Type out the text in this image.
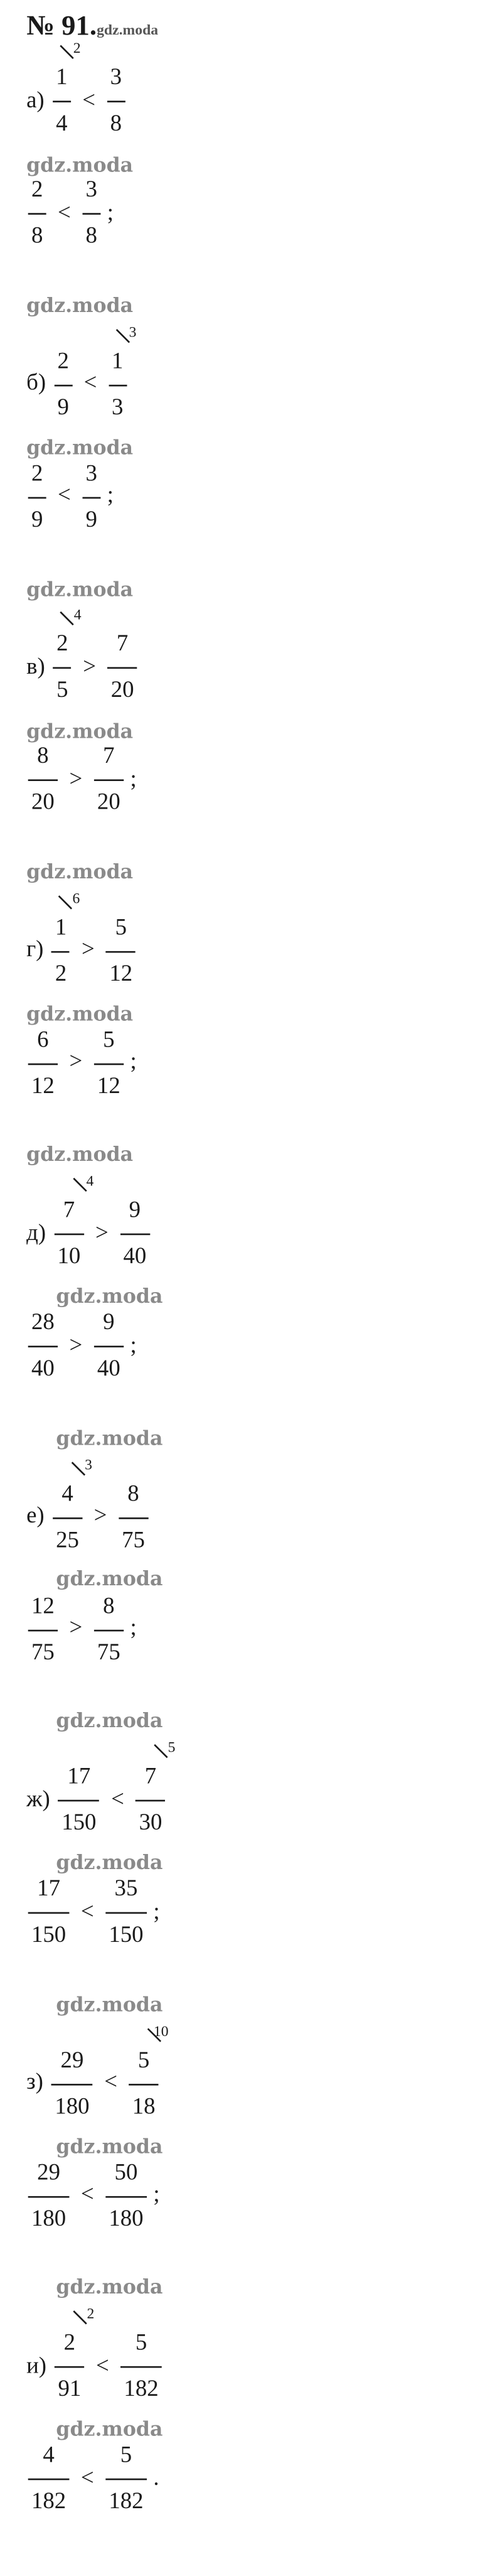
№ 91.gdz.moda
а)
1
4
2
<
3
8
2
8
<
3
8
;
б)
2
9
<
1
3
3
2
9
<
3
9
;
в)
2
5
4
>
7
20
8
20
>
7
20
;
г)
1
2
6
>
5
12
6
12
>
5
12
;
д)
7
10
4
>
9
40
28
40
>
9
40
;
е)
4
25
3
>
8
75
12
75
>
8
75
;
ж)
17
150
<
7
30
5
17
150
<
35
150
;
з)
29
180
<
5
18
10
29
180
<
50
180
;
и)
2
91
2
<
5
182
4
182
<
5
182
.
gdz.moda
gdz.moda
gdz.moda
gdz.moda
gdz.moda
gdz.moda
gdz.moda
gdz.moda
gdz.moda
gdz.moda
gdz.moda
gdz.moda
gdz.moda
gdz.moda
gdz.moda
gdz.moda
gdz.moda
